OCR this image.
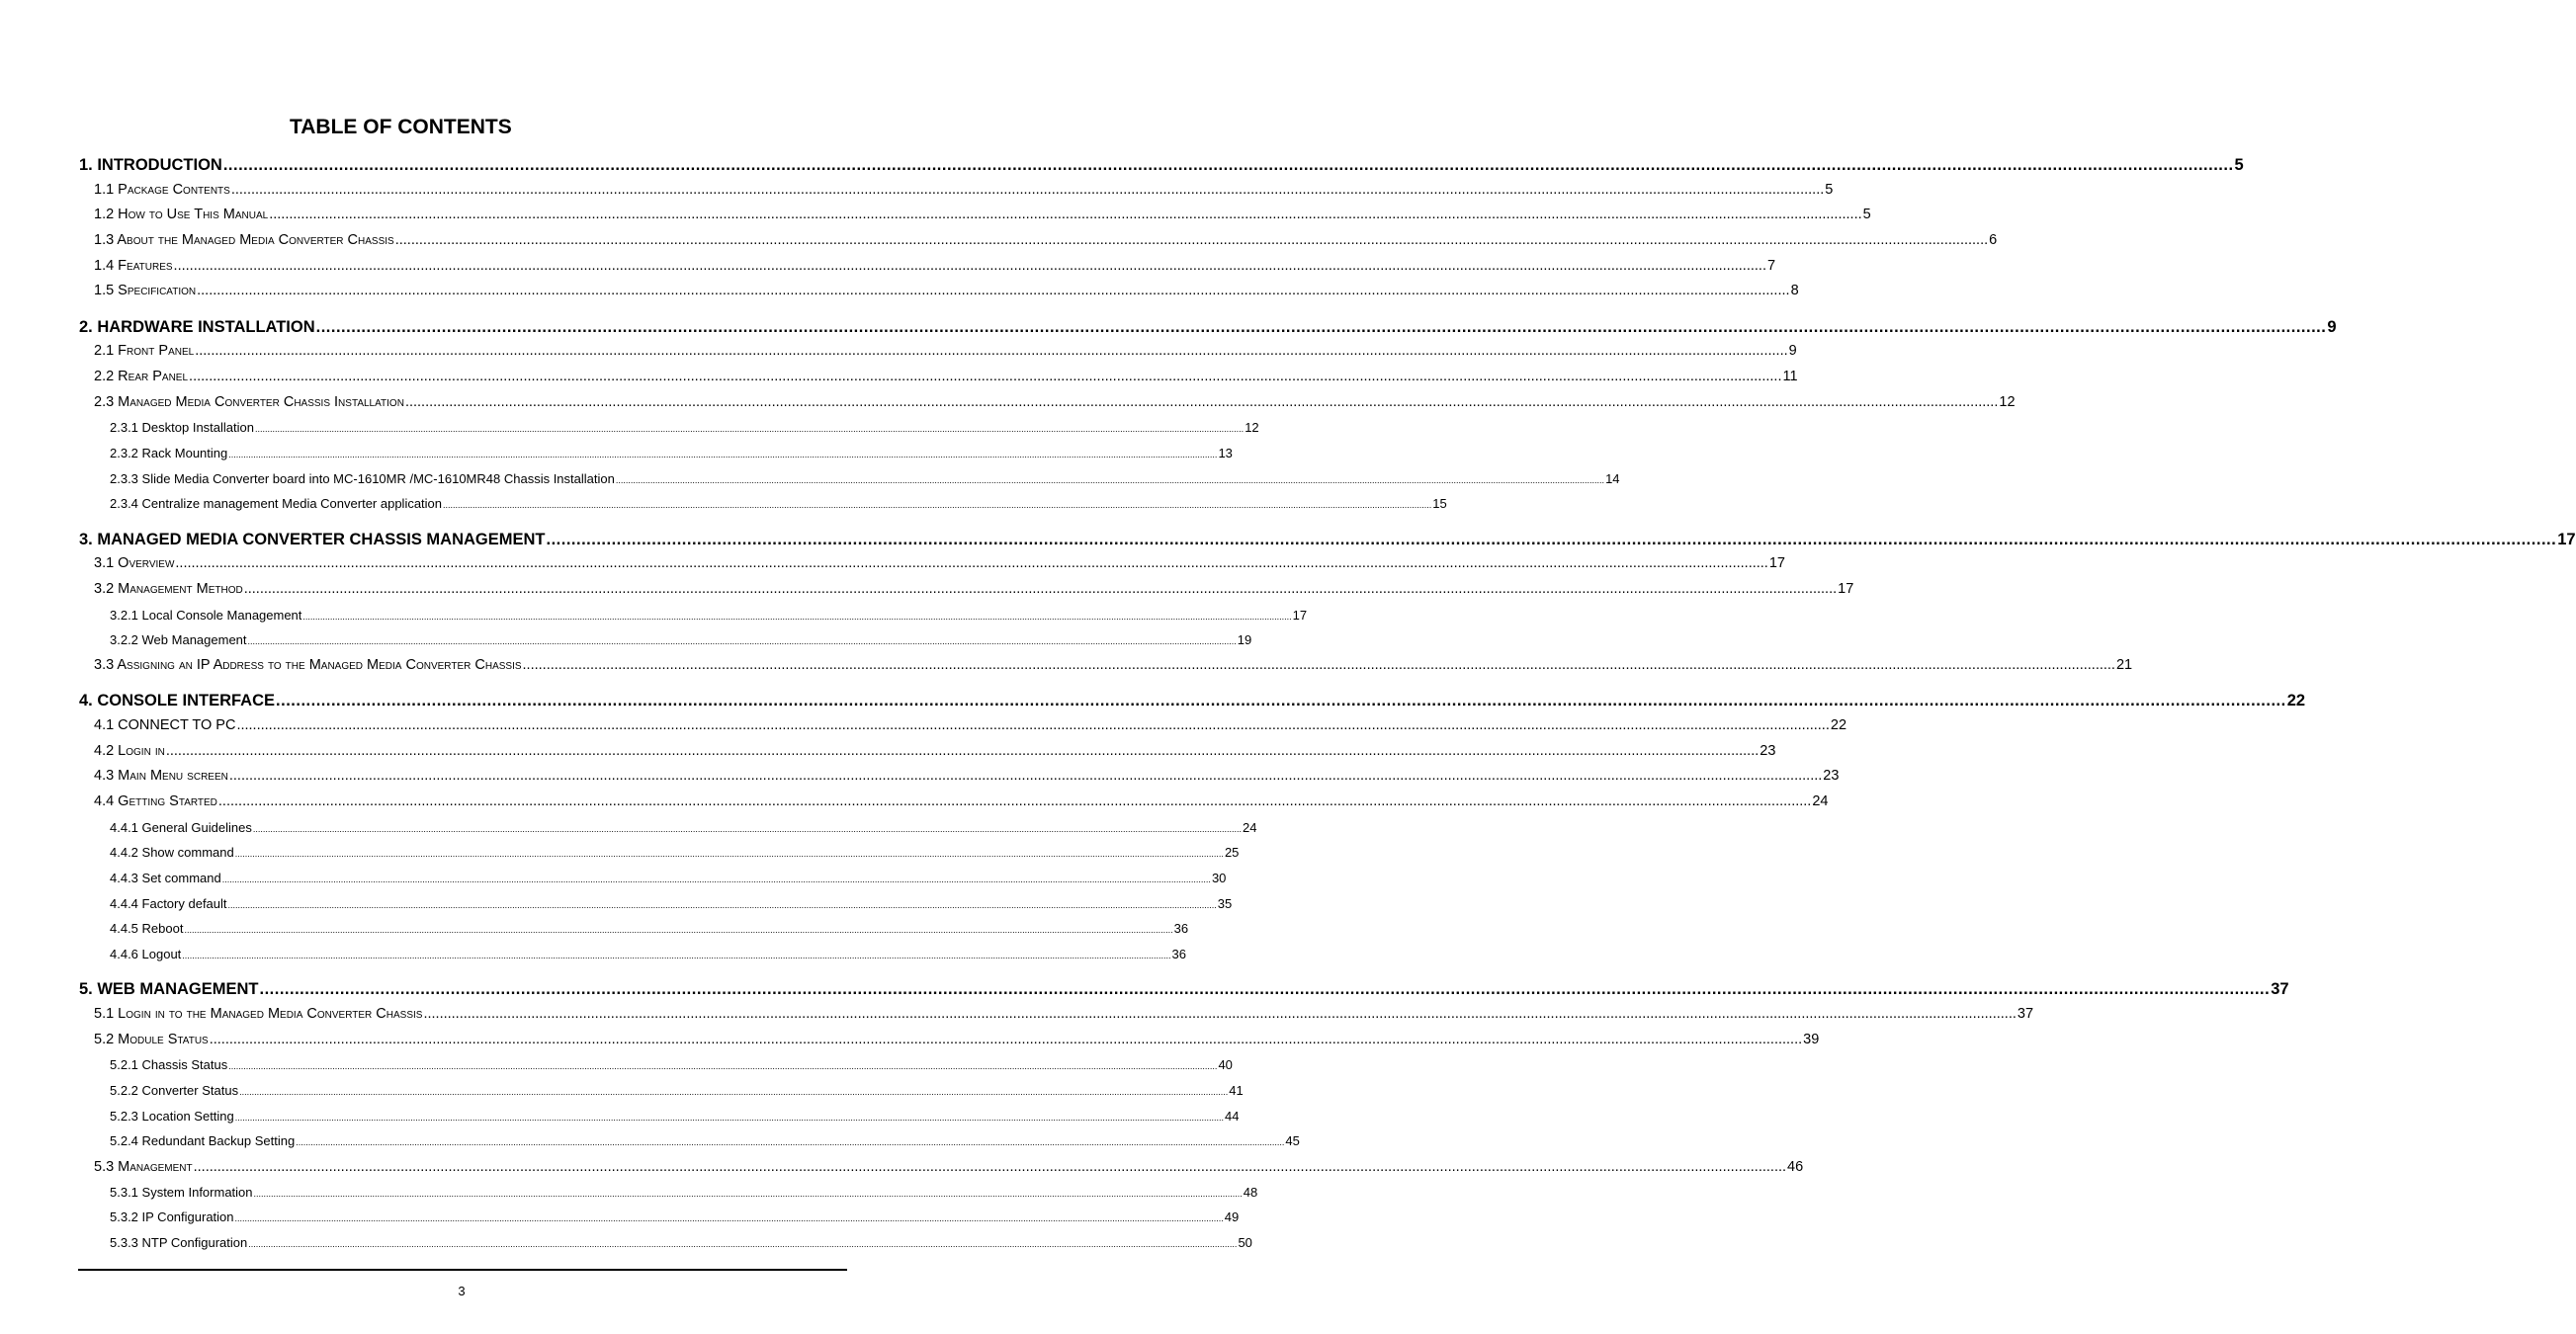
TABLE OF CONTENTS
1. INTRODUCTION ................................................................................................................................................................................................................................................................................................................................................................................................................ 5
1.1 Package Contents ................................................................................................................................................................................................................................................................................................................................................................................................................ 5
1.2 How to Use This Manual ................................................................................................................................................................................................................................................................................................................................................................................................................ 5
1.3 About the Managed Media Converter Chassis ................................................................................................................................................................................................................................................................................................................................................................................................................ 6
1.4 Features ................................................................................................................................................................................................................................................................................................................................................................................................................ 7
1.5 Specification ................................................................................................................................................................................................................................................................................................................................................................................................................ 8
2. HARDWARE INSTALLATION ................................................................................................................................................................................................................................................................................................................................................................................................................ 9
2.1 Front Panel ................................................................................................................................................................................................................................................................................................................................................................................................................ 9
2.2 Rear Panel ................................................................................................................................................................................................................................................................................................................................................................................................................ 11
2.3 Managed Media Converter Chassis Installation ................................................................................................................................................................................................................................................................................................................................................................................................................ 12
2.3.1 Desktop Installation ................................................................................................................................................................................................................................................................................................................................................................................................................ 12
2.3.2 Rack Mounting ................................................................................................................................................................................................................................................................................................................................................................................................................ 13
2.3.3 Slide Media Converter board into MC-1610MR /MC-1610MR48 Chassis Installation ................................................................................................................................................................................................................................................................................................................................................................................................................ 14
2.3.4 Centralize management Media Converter application ................................................................................................................................................................................................................................................................................................................................................................................................................ 15
3. MANAGED MEDIA CONVERTER CHASSIS MANAGEMENT ................................................................................................................................................................................................................................................................................................................................................................................................................ 17
3.1 Overview ................................................................................................................................................................................................................................................................................................................................................................................................................ 17
3.2 Management Method ................................................................................................................................................................................................................................................................................................................................................................................................................ 17
3.2.1 Local Console Management ................................................................................................................................................................................................................................................................................................................................................................................................................ 17
3.2.2 Web Management ................................................................................................................................................................................................................................................................................................................................................................................................................ 19
3.3 Assigning an IP Address to the Managed Media Converter Chassis ................................................................................................................................................................................................................................................................................................................................................................................................................ 21
4. CONSOLE INTERFACE ................................................................................................................................................................................................................................................................................................................................................................................................................ 22
4.1 CONNECT TO PC ................................................................................................................................................................................................................................................................................................................................................................................................................ 22
4.2 Login in ................................................................................................................................................................................................................................................................................................................................................................................................................ 23
4.3 Main Menu screen ................................................................................................................................................................................................................................................................................................................................................................................................................ 23
4.4 Getting Started ................................................................................................................................................................................................................................................................................................................................................................................................................ 24
4.4.1 General Guidelines ................................................................................................................................................................................................................................................................................................................................................................................................................ 24
4.4.2 Show command ................................................................................................................................................................................................................................................................................................................................................................................................................ 25
4.4.3 Set command ................................................................................................................................................................................................................................................................................................................................................................................................................ 30
4.4.4 Factory default ................................................................................................................................................................................................................................................................................................................................................................................................................ 35
4.4.5 Reboot ................................................................................................................................................................................................................................................................................................................................................................................................................ 36
4.4.6 Logout ................................................................................................................................................................................................................................................................................................................................................................................................................ 36
5. WEB MANAGEMENT ................................................................................................................................................................................................................................................................................................................................................................................................................ 37
5.1 Login in to the Managed Media Converter Chassis ................................................................................................................................................................................................................................................................................................................................................................................................................ 37
5.2 Module Status ................................................................................................................................................................................................................................................................................................................................................................................................................ 39
5.2.1 Chassis Status ................................................................................................................................................................................................................................................................................................................................................................................................................ 40
5.2.2 Converter Status ................................................................................................................................................................................................................................................................................................................................................................................................................ 41
5.2.3 Location Setting ................................................................................................................................................................................................................................................................................................................................................................................................................ 44
5.2.4 Redundant Backup Setting ................................................................................................................................................................................................................................................................................................................................................................................................................ 45
5.3 Management ................................................................................................................................................................................................................................................................................................................................................................................................................ 46
5.3.1 System Information ................................................................................................................................................................................................................................................................................................................................................................................................................ 48
5.3.2 IP Configuration ................................................................................................................................................................................................................................................................................................................................................................................................................ 49
5.3.3 NTP Configuration ................................................................................................................................................................................................................................................................................................................................................................................................................ 50
3
